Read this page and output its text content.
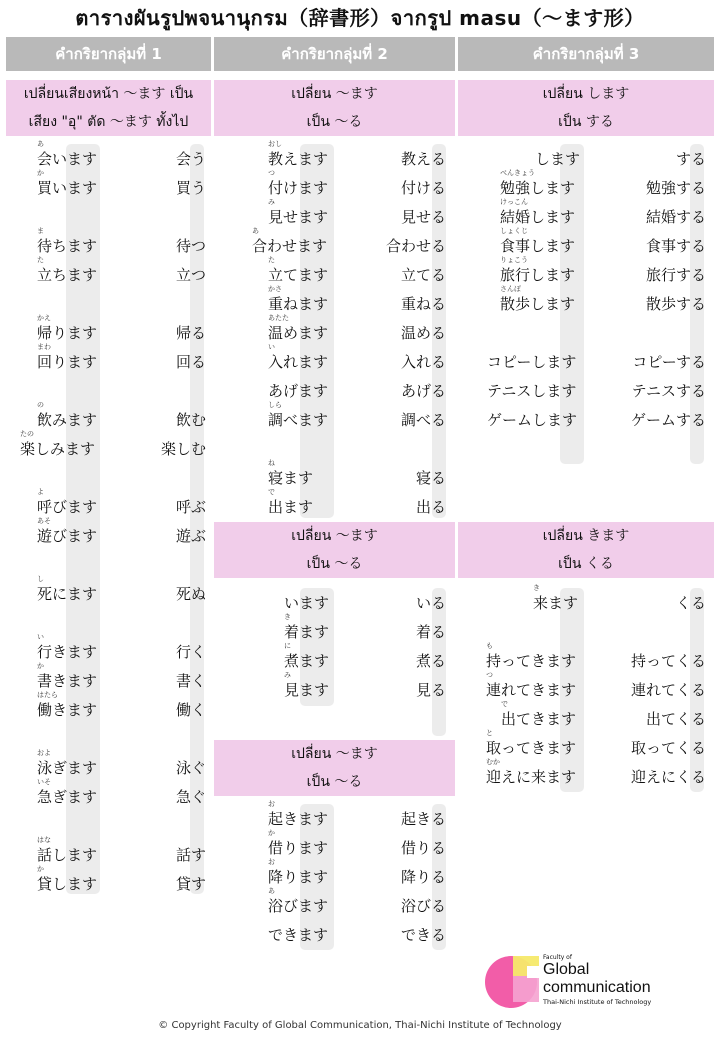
ตารางผันรูปพจนานุกรม（辞書形）จากรูป masu（〜ます形）
คำกริยากลุ่มที่ 1	คำกริยากลุ่มที่ 2	คำกริยากลุ่มที่ 3
เปลี่ยนเสียงหน้า 〜ます เป็น
เสียง "อุ" ตัด 〜ます ทั้งไป
เปลี่ยน 〜ます
เป็น 〜る
เปลี่ยน します
เป็น する
เปลี่ยน 〜ます
เป็น 〜る
เปลี่ยน きます
เป็น くる
เปลี่ยน 〜ます
เป็น 〜る
あ
会います	会う
か
買います	買う
ま
待ちます	待つ
た
立ちます	立つ
かえ
帰ります	帰る
まわ
回ります	回る
の
飲みます	飲む
たの
楽しみます	楽しむ
よ
呼びます	呼ぶ
あそ
遊びます	遊ぶ
し
死にます	死ぬ
い
行きます	行く
か
書きます	書く
はたら
働きます	働く
およ
泳ぎます	泳ぐ
いそ
急ぎます	急ぐ
はな
話します	話す
か
貸します	貸す
おし
教えます	教える
つ
付けます	付ける
み
見せます	見せる
あ
合わせます	合わせる
た
立てます	立てる
かさ
重ねます	重ねる
あたた
温めます	温める
い
入れます	入れる
あげます	あげる
しら
調べます	調べる
ね
寝ます	寝る
で
出ます	出る
います	いる
き
着ます	着る
に
煮ます	煮る
み
見ます	見る
お
起きます	起きる
か
借ります	借りる
お
降ります	降りる
あ
浴びます	浴びる
できます	できる
します	する
べんきょう
勉強します	勉強する
けっこん
結婚します	結婚する
しょくじ
食事します	食事する
りょこう
旅行します	旅行する
さんぽ
散歩します	散歩する
コピーします	コピーする
テニスします	テニスする
ゲームします	ゲームする
き
来ます	くる
も
持ってきます	持ってくる
つ
連れてきます	連れてくる
で
出てきます	出てくる
と
取ってきます	取ってくる
むか
迎えに来ます	迎えにくる
Faculty of
Global
communication
Thai-Nichi Institute of Technology
© Copyright Faculty of Global Communication, Thai-Nichi Institute of Technology
